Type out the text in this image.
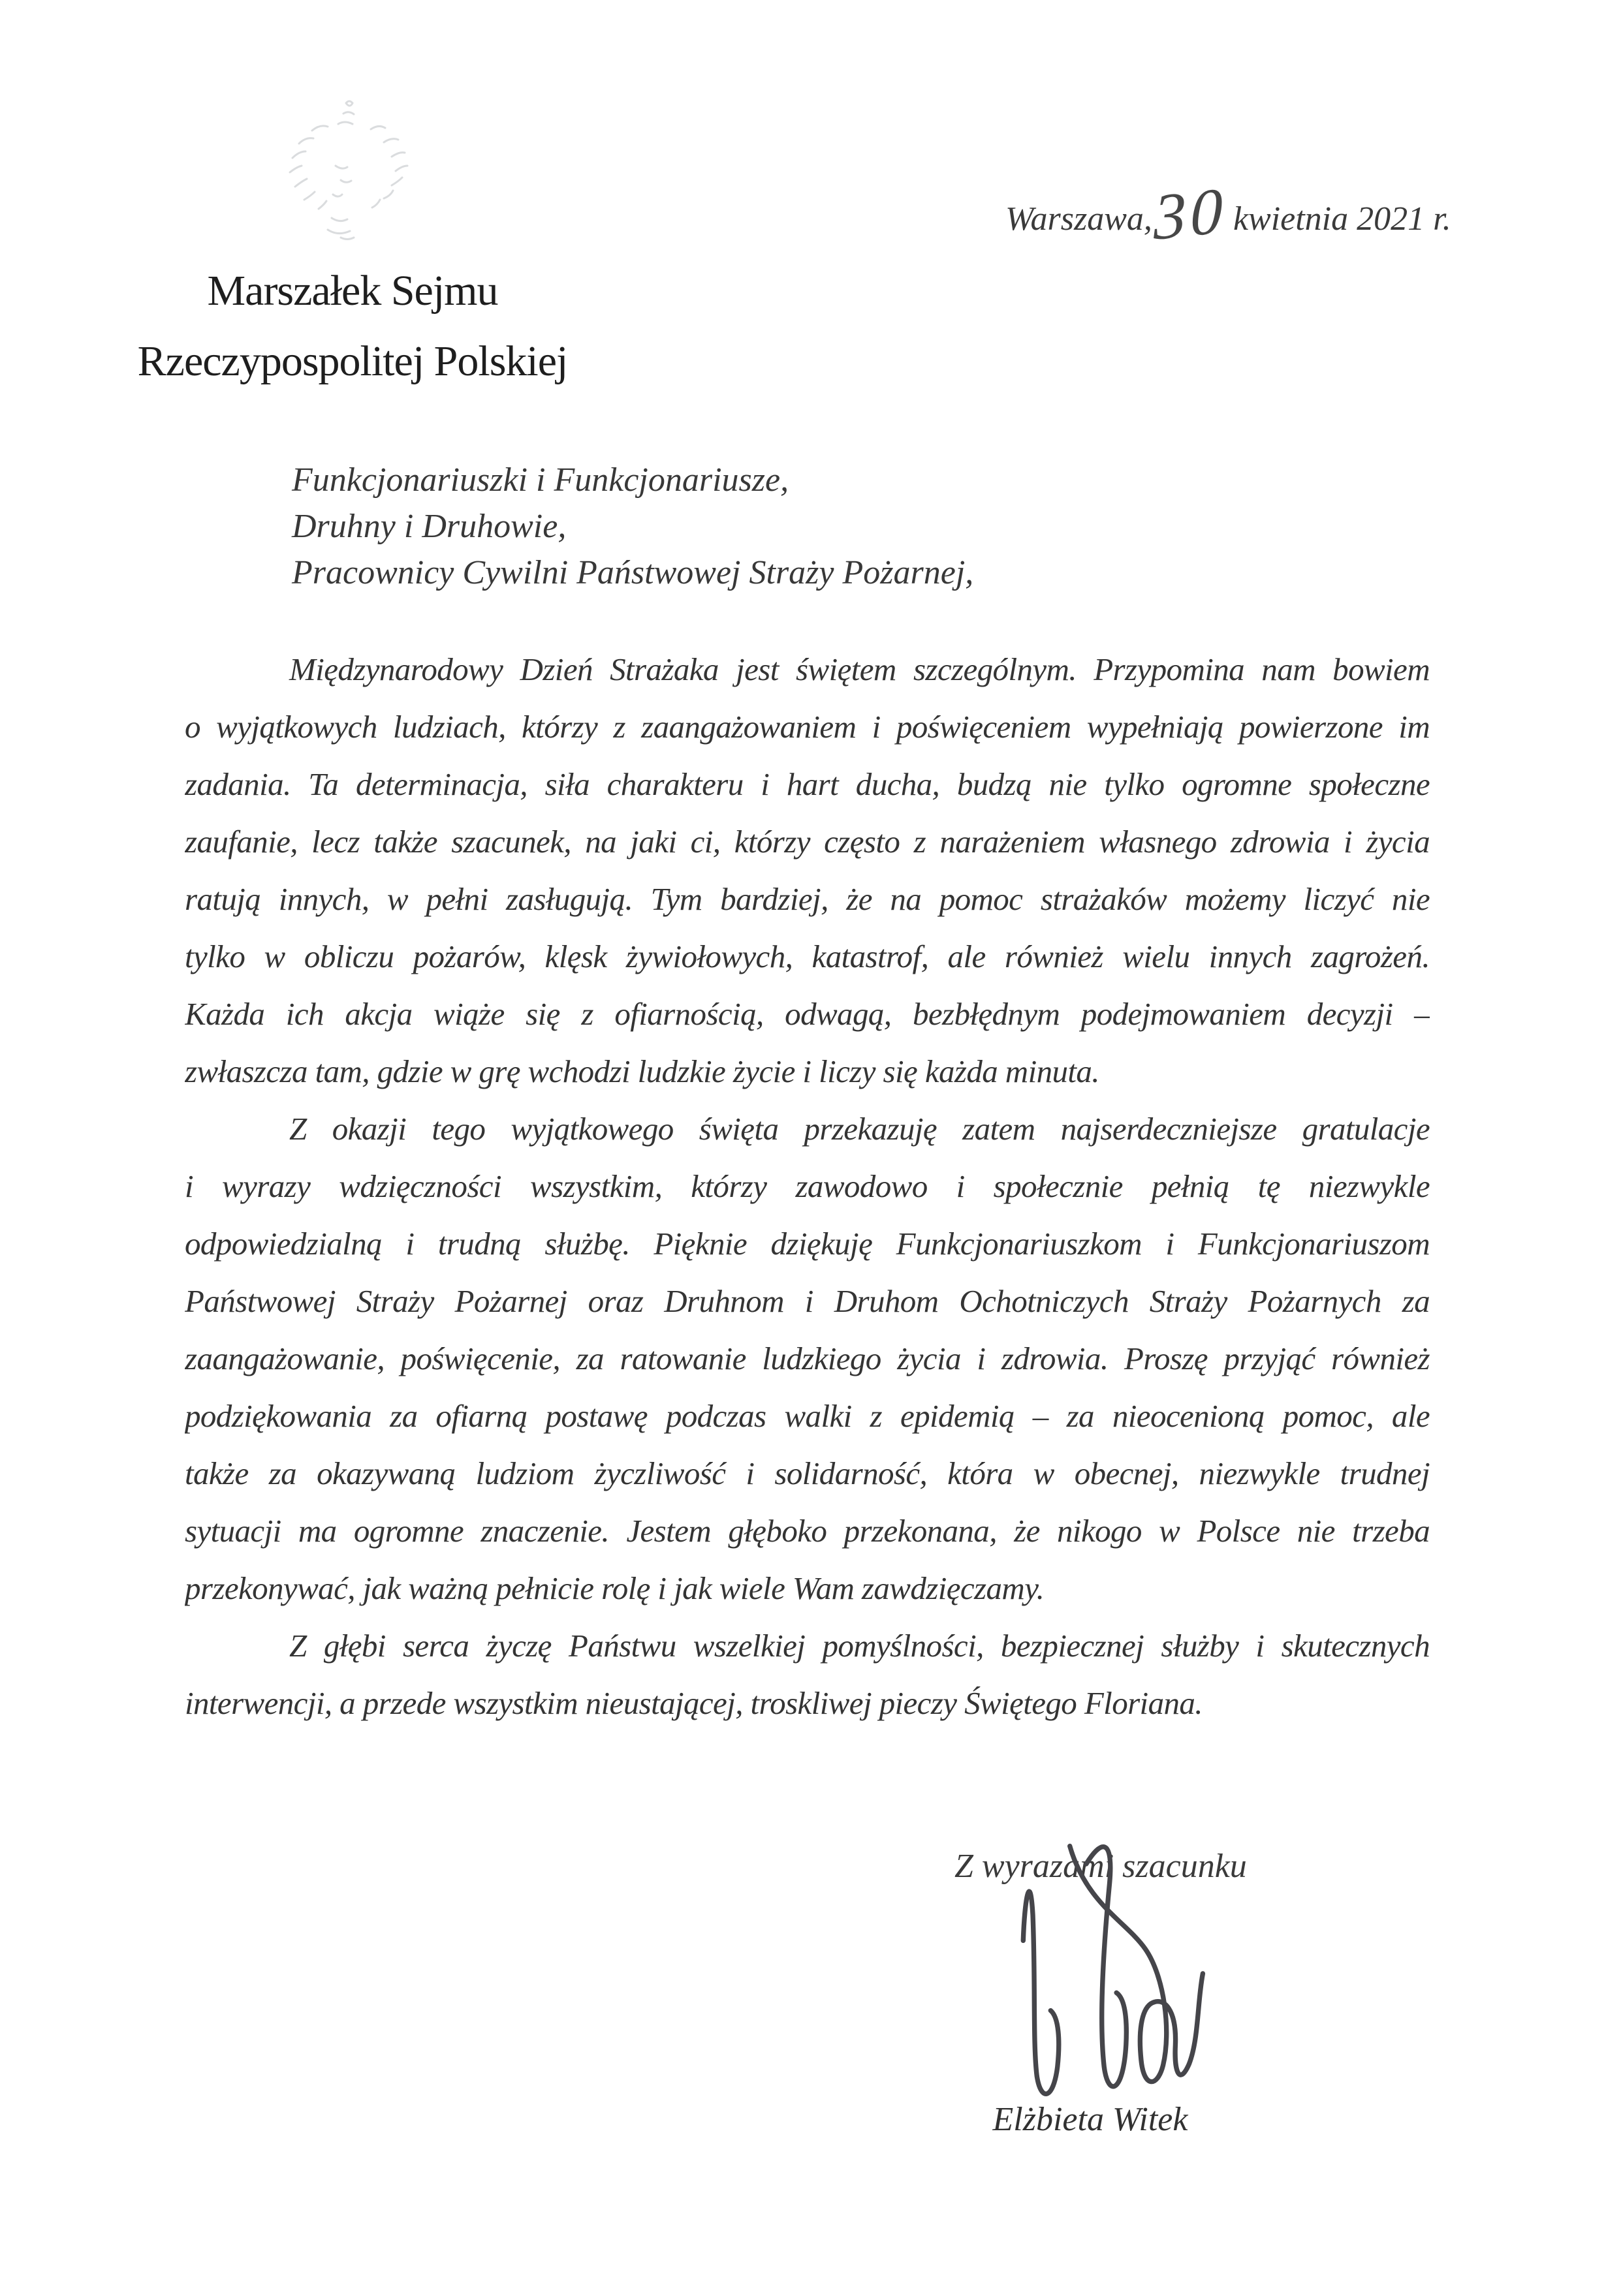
Warszawa, 30 kwietnia 2021 r.
Marszałek Sejmu
Rzeczypospolitej Polskiej
Funkcjonariuszki i Funkcjonariusze,
Druhny i Druhowie,
Pracownicy Cywilni Państwowej Straży Pożarnej,
Międzynarodowy Dzień Strażaka jest świętem szczególnym. Przypomina nam bowiem
o wyjątkowych ludziach, którzy z zaangażowaniem i poświęceniem wypełniają powierzone im
zadania. Ta determinacja, siła charakteru i hart ducha, budzą nie tylko ogromne społeczne
zaufanie, lecz także szacunek, na jaki ci, którzy często z narażeniem własnego zdrowia i życia
ratują innych, w pełni zasługują. Tym bardziej, że na pomoc strażaków możemy liczyć nie
tylko w obliczu pożarów, klęsk żywiołowych, katastrof, ale również wielu innych zagrożeń.
Każda ich akcja wiąże się z ofiarnością, odwagą, bezbłędnym podejmowaniem decyzji –
zwłaszcza tam, gdzie w grę wchodzi ludzkie życie i liczy się każda minuta.
Z okazji tego wyjątkowego święta przekazuję zatem najserdeczniejsze gratulacje
i wyrazy wdzięczności wszystkim, którzy zawodowo i społecznie pełnią tę niezwykle
odpowiedzialną i trudną służbę. Pięknie dziękuję Funkcjonariuszkom i Funkcjonariuszom
Państwowej Straży Pożarnej oraz Druhnom i Druhom Ochotniczych Straży Pożarnych za
zaangażowanie, poświęcenie, za ratowanie ludzkiego życia i zdrowia. Proszę przyjąć również
podziękowania za ofiarną postawę podczas walki z epidemią – za nieocenioną pomoc, ale
także za okazywaną ludziom życzliwość i solidarność, która w obecnej, niezwykle trudnej
sytuacji ma ogromne znaczenie. Jestem głęboko przekonana, że nikogo w Polsce nie trzeba
przekonywać, jak ważną pełnicie rolę i jak wiele Wam zawdzięczamy.
Z głębi serca życzę Państwu wszelkiej pomyślności, bezpiecznej służby i skutecznych
interwencji, a przede wszystkim nieustającej, troskliwej pieczy Świętego Floriana.
Z wyrazami szacunku
Elżbieta Witek
